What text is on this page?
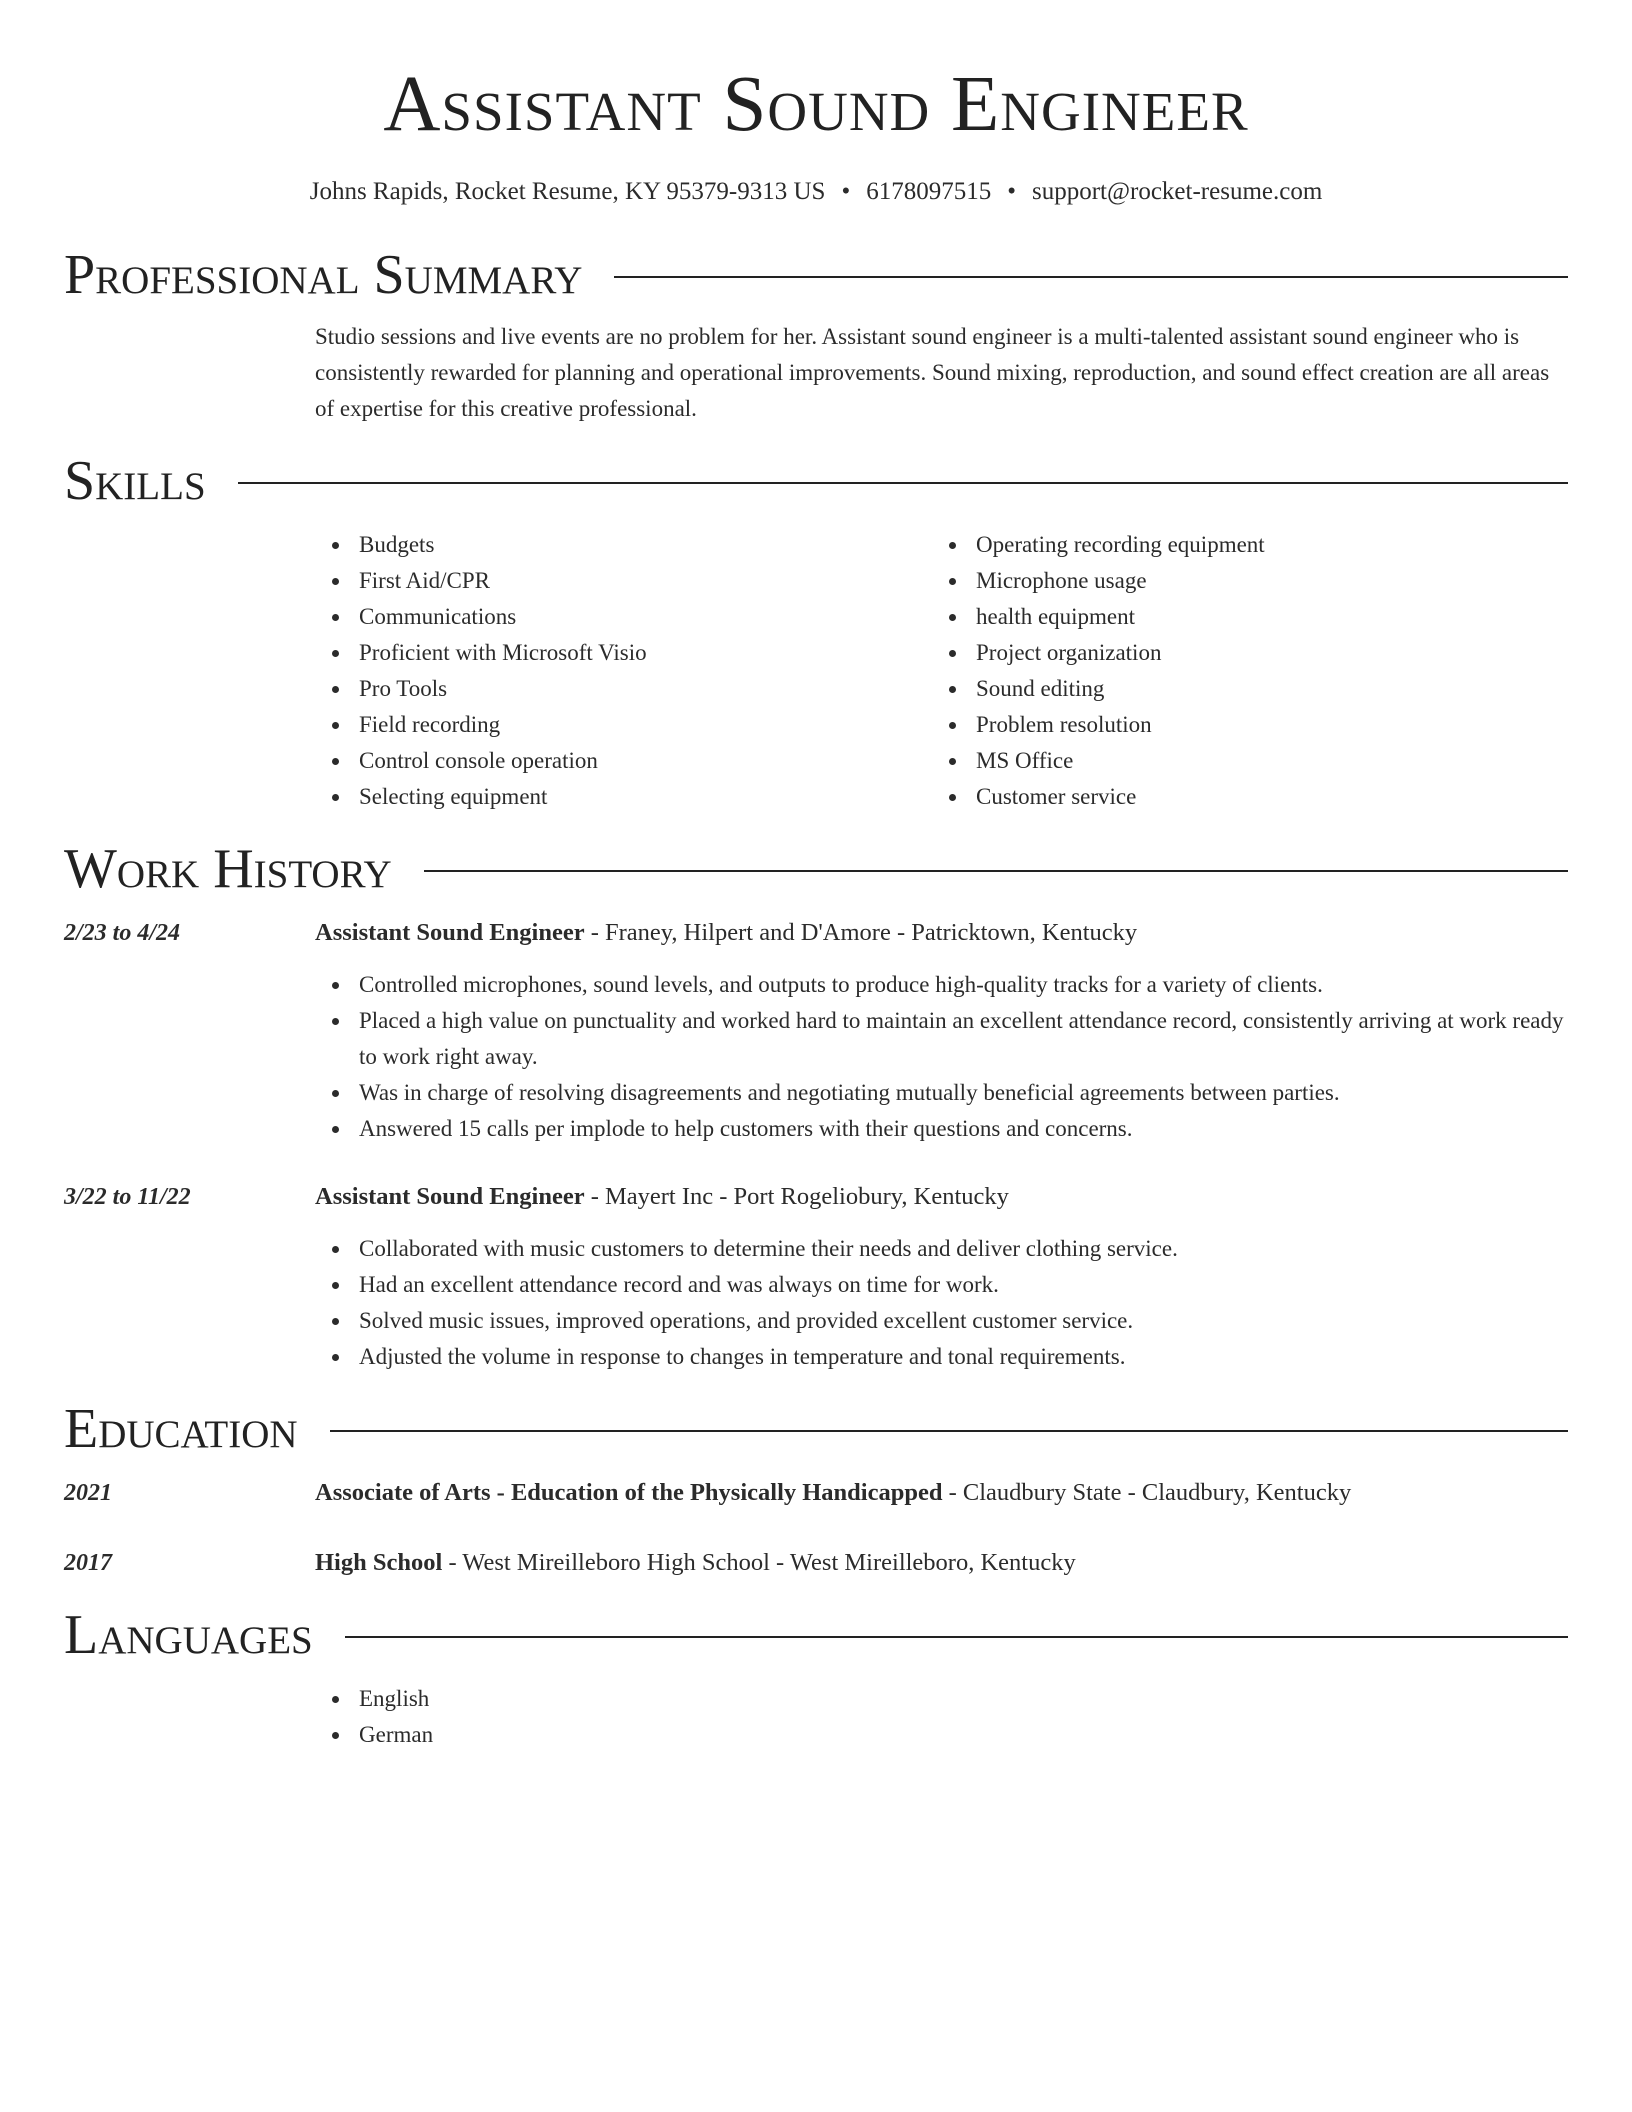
Assistant Sound Engineer
Johns Rapids, Rocket Resume, KY 95379-9313 US • 6178097515 • support@rocket-resume.com
Professional Summary
Studio sessions and live events are no problem for her. Assistant sound engineer is a multi-talented assistant sound engineer who is consistently rewarded for planning and operational improvements. Sound mixing, reproduction, and sound effect creation are all areas of expertise for this creative professional.
Skills
Budgets
First Aid/CPR
Communications
Proficient with Microsoft Visio
Pro Tools
Field recording
Control console operation
Selecting equipment
Operating recording equipment
Microphone usage
health equipment
Project organization
Sound editing
Problem resolution
MS Office
Customer service
Work History
2/23 to 4/24	Assistant Sound Engineer - Franey, Hilpert and D'Amore - Patricktown, Kentucky
Controlled microphones, sound levels, and outputs to produce high-quality tracks for a variety of clients.
Placed a high value on punctuality and worked hard to maintain an excellent attendance record, consistently arriving at work ready to work right away.
Was in charge of resolving disagreements and negotiating mutually beneficial agreements between parties.
Answered 15 calls per implode to help customers with their questions and concerns.
3/22 to 11/22	Assistant Sound Engineer - Mayert Inc - Port Rogeliobury, Kentucky
Collaborated with music customers to determine their needs and deliver clothing service.
Had an excellent attendance record and was always on time for work.
Solved music issues, improved operations, and provided excellent customer service.
Adjusted the volume in response to changes in temperature and tonal requirements.
Education
2021	Associate of Arts - Education of the Physically Handicapped - Claudbury State - Claudbury, Kentucky
2017	High School - West Mireilleboro High School - West Mireilleboro, Kentucky
Languages
English
German
